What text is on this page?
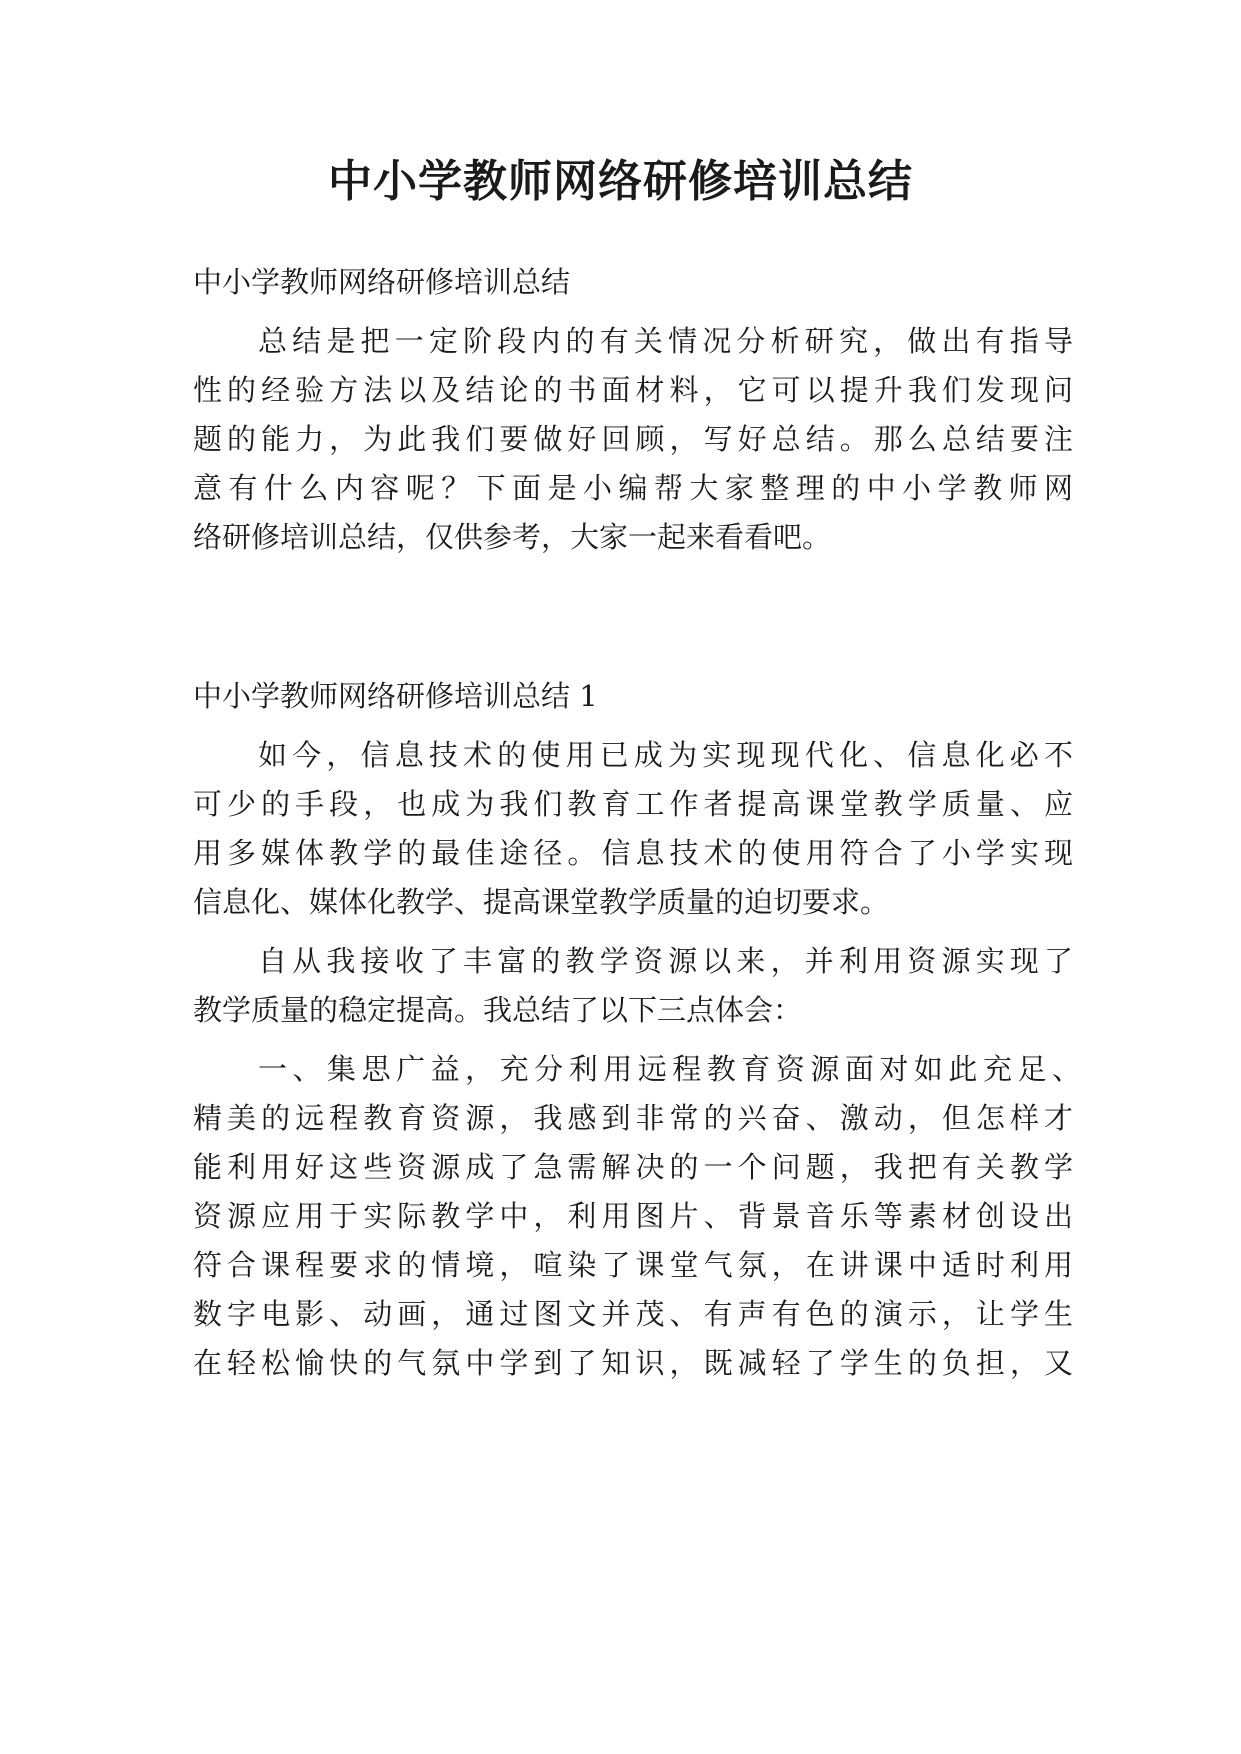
中小学教师网络研修培训总结
中小学教师网络研修培训总结
总结是把一定阶段内的有关情况分析研究，做出有指导
性的经验方法以及结论的书面材料，它可以提升我们发现问
题的能力，为此我们要做好回顾，写好总结。那么总结要注
意有什么内容呢？下面是小编帮大家整理的中小学教师网
络研修培训总结，仅供参考，大家一起来看看吧。
中小学教师网络研修培训总结 1
如今，信息技术的使用已成为实现现代化、信息化必不
可少的手段，也成为我们教育工作者提高课堂教学质量、应
用多媒体教学的最佳途径。信息技术的使用符合了小学实现
信息化、媒体化教学、提高课堂教学质量的迫切要求。
自从我接收了丰富的教学资源以来，并利用资源实现了
教学质量的稳定提高。我总结了以下三点体会：
一、集思广益，充分利用远程教育资源面对如此充足、
精美的远程教育资源，我感到非常的兴奋、激动，但怎样才
能利用好这些资源成了急需解决的一个问题，我把有关教学
资源应用于实际教学中，利用图片、背景音乐等素材创设出
符合课程要求的情境，喧染了课堂气氛，在讲课中适时利用
数字电影、动画，通过图文并茂、有声有色的演示，让学生
在轻松愉快的气氛中学到了知识，既减轻了学生的负担，又
